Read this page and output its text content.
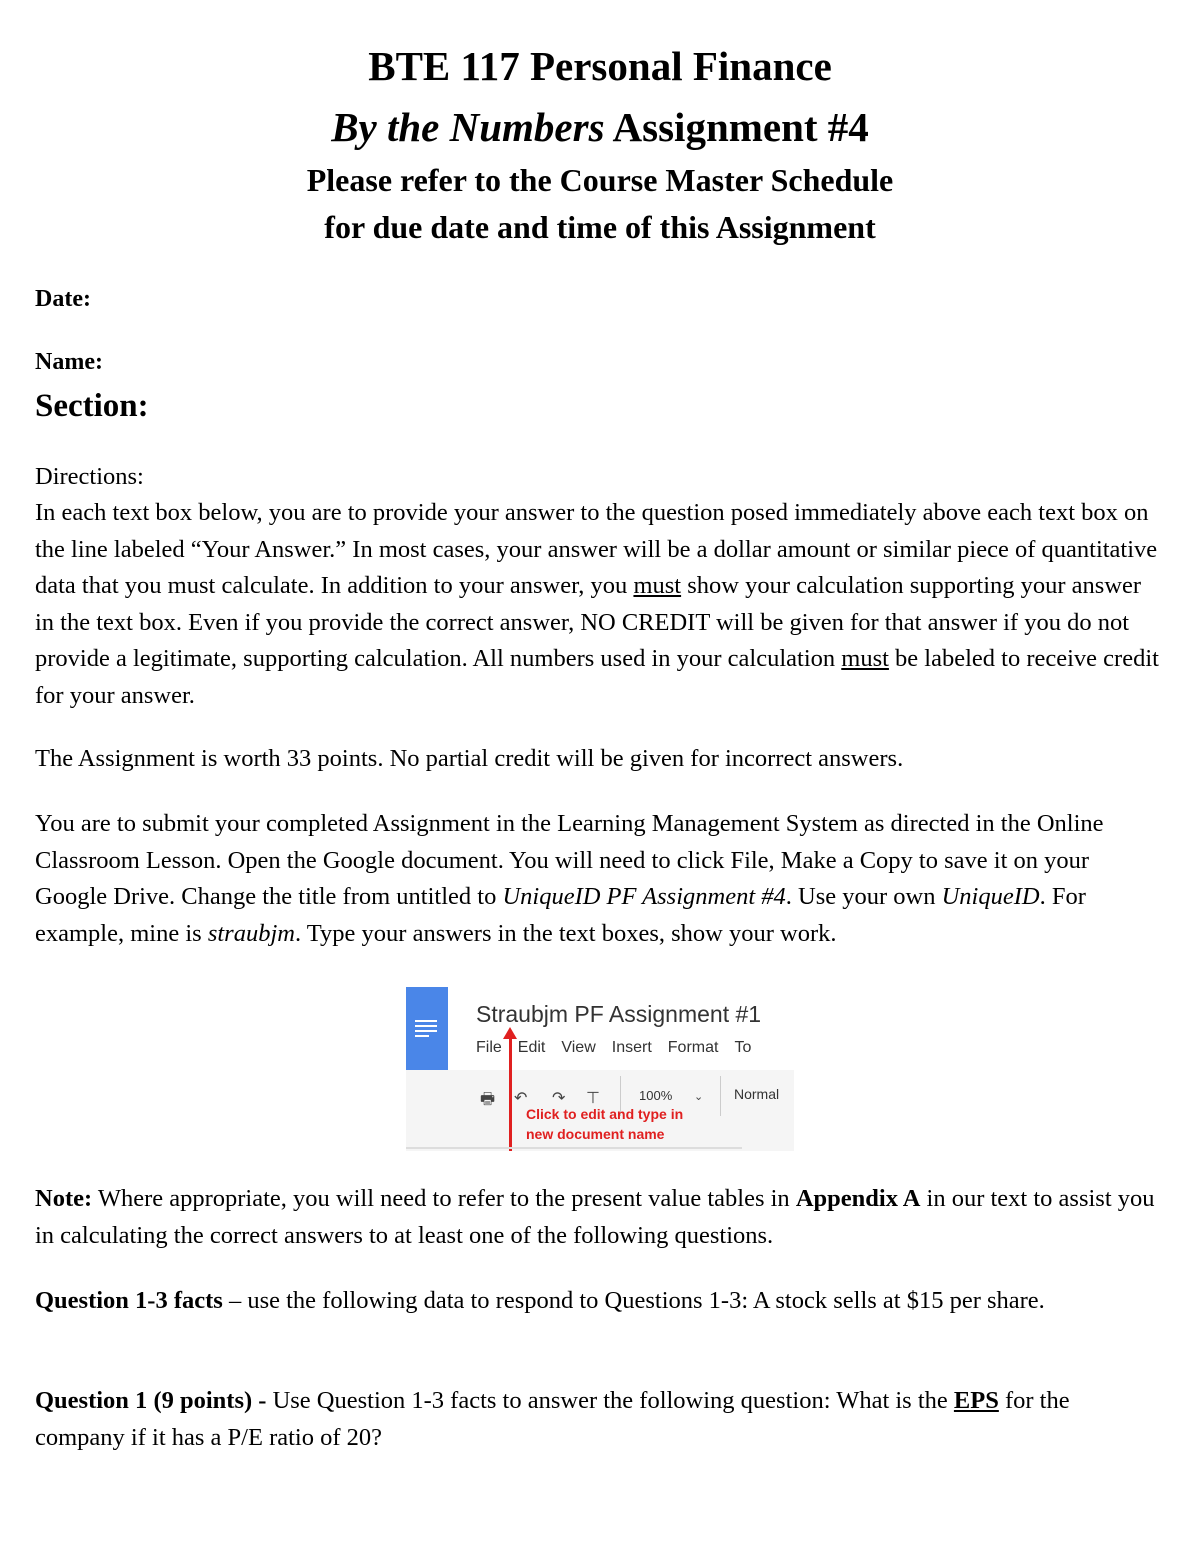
BTE 117 Personal Finance
By the Numbers Assignment #4
Please refer to the Course Master Schedule
for due date and time of this Assignment
Date:
Name:
Section:

Directions:

In each text box below, you are to provide your answer to the question posed immediately above each text box on the line labeled “Your Answer.” In most cases, your answer will be a dollar amount or similar piece of quantitative data that you must calculate. In addition to your answer, you must show your calculation supporting your answer in the text box. Even if you provide the correct answer, NO CREDIT will be given for that answer if you do not provide a legitimate, supporting calculation. All numbers used in your calculation must be labeled to receive credit for your answer.

The Assignment is worth 33 points. No partial credit will be given for incorrect answers.

You are to submit your completed Assignment in the Learning Management System as directed in the Online Classroom Lesson. Open the Google document. You will need to click File, Make a Copy to save it on your Google Drive. Change the title from untitled to UniqueID PF Assignment #4. Use your own UniqueID. For example, mine is straubjm. Type your answers in the text boxes, show your work.

Straubjm PF Assignment #1
File Edit View Insert Format To
🖶 ↶ ↷ ⊤	100% ⌄ Normal
Click to edit and type in
new document name

Note: Where appropriate, you will need to refer to the present value tables in Appendix A in our text to assist you in calculating the correct answers to at least one of the following questions.

Question 1-3 facts – use the following data to respond to Questions 1-3: A stock sells at $15 per share.

Question 1 (9 points) - Use Question 1-3 facts to answer the following question: What is the EPS for the company if it has a P/E ratio of 20?
